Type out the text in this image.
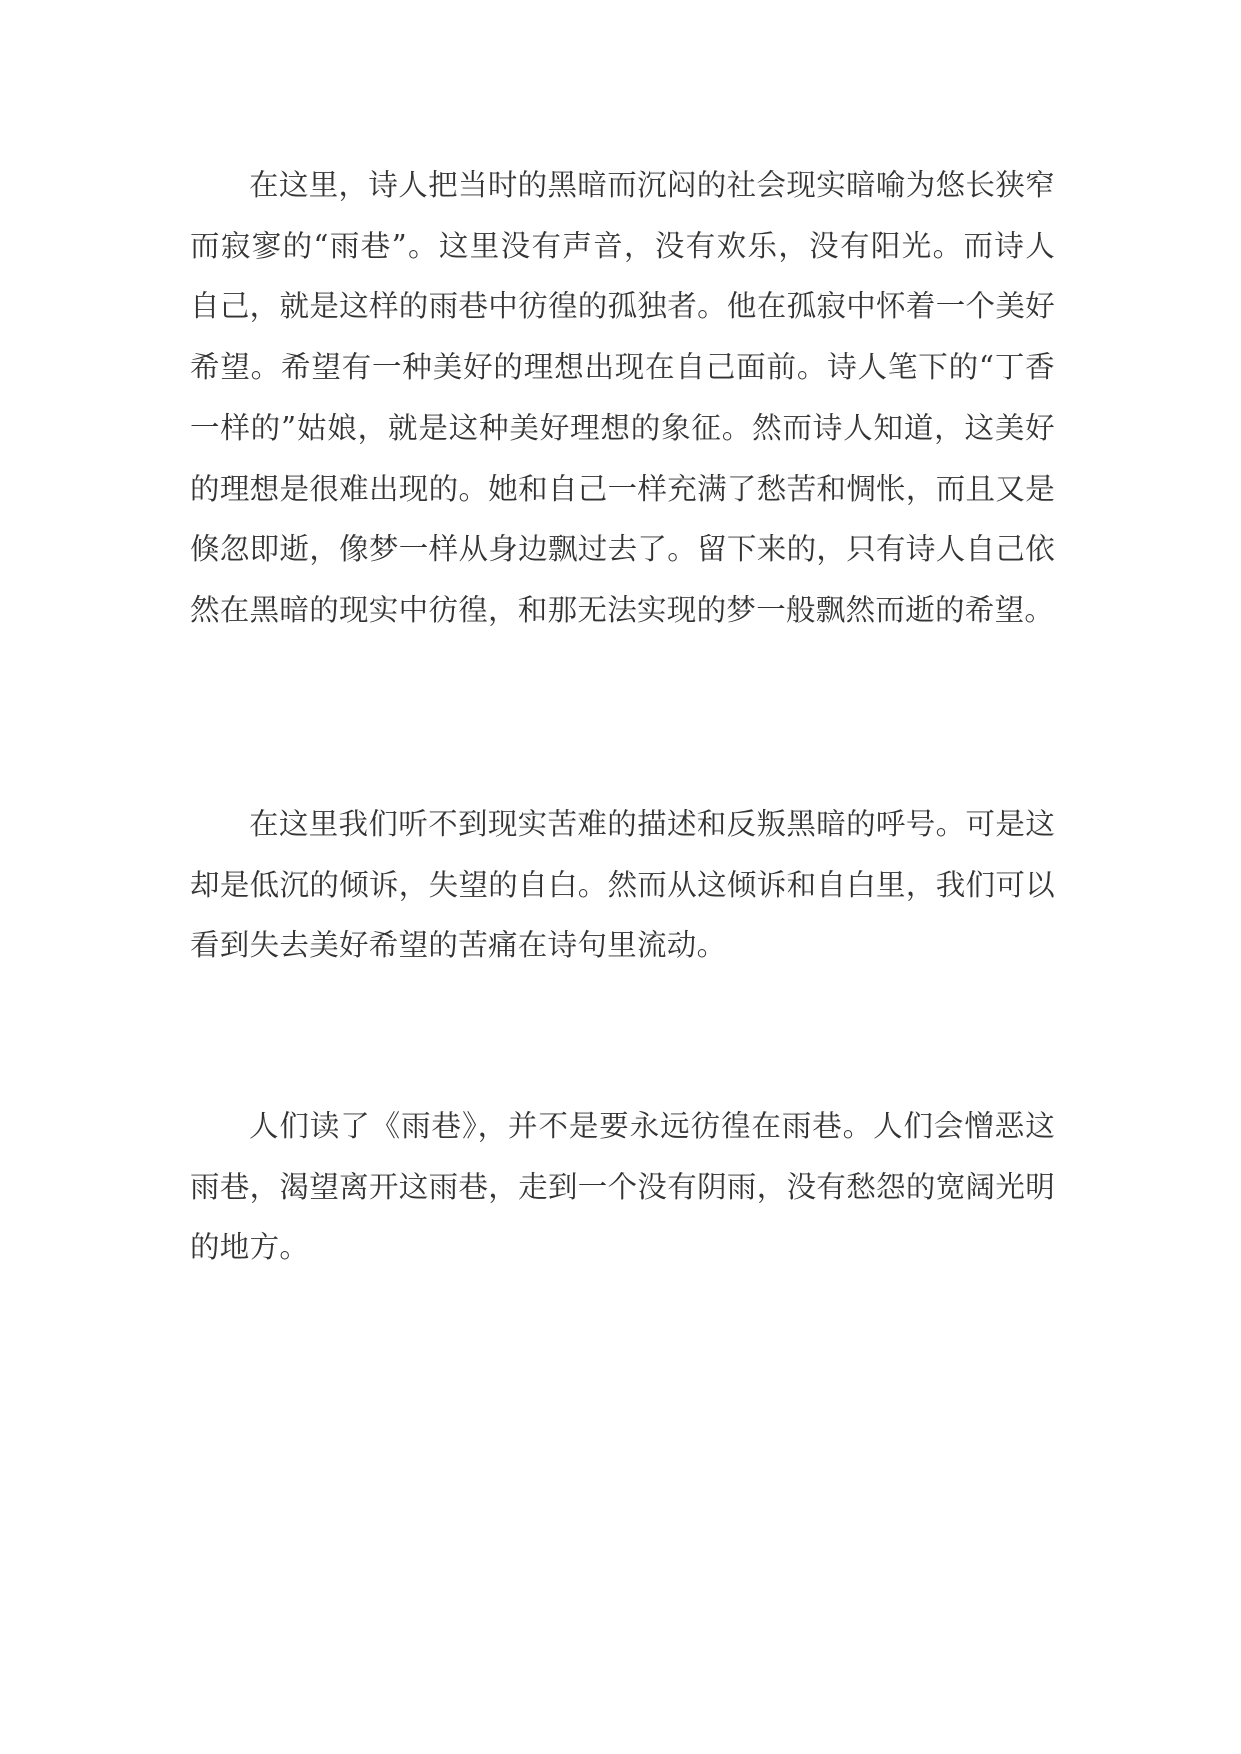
在这里，诗人把当时的黑暗而沉闷的社会现实暗喻为悠长狭窄而寂寥的“雨巷”。这里没有声音，没有欢乐，没有阳光。而诗人自己，就是这样的雨巷中彷徨的孤独者。他在孤寂中怀着一个美好希望。希望有一种美好的理想出现在自己面前。诗人笔下的“丁香一样的”姑娘，就是这种美好理想的象征。然而诗人知道，这美好的理想是很难出现的。她和自己一样充满了愁苦和惆怅，而且又是倏忽即逝，像梦一样从身边飘过去了。留下来的，只有诗人自己依然在黑暗的现实中彷徨，和那无法实现的梦一般飘然而逝的希望。

在这里我们听不到现实苦难的描述和反叛黑暗的呼号。可是这却是低沉的倾诉，失望的自白。然而从这倾诉和自白里，我们可以看到失去美好希望的苦痛在诗句里流动。

人们读了《雨巷》，并不是要永远彷徨在雨巷。人们会憎恶这雨巷，渴望离开这雨巷，走到一个没有阴雨，没有愁怨的宽阔光明的地方。
